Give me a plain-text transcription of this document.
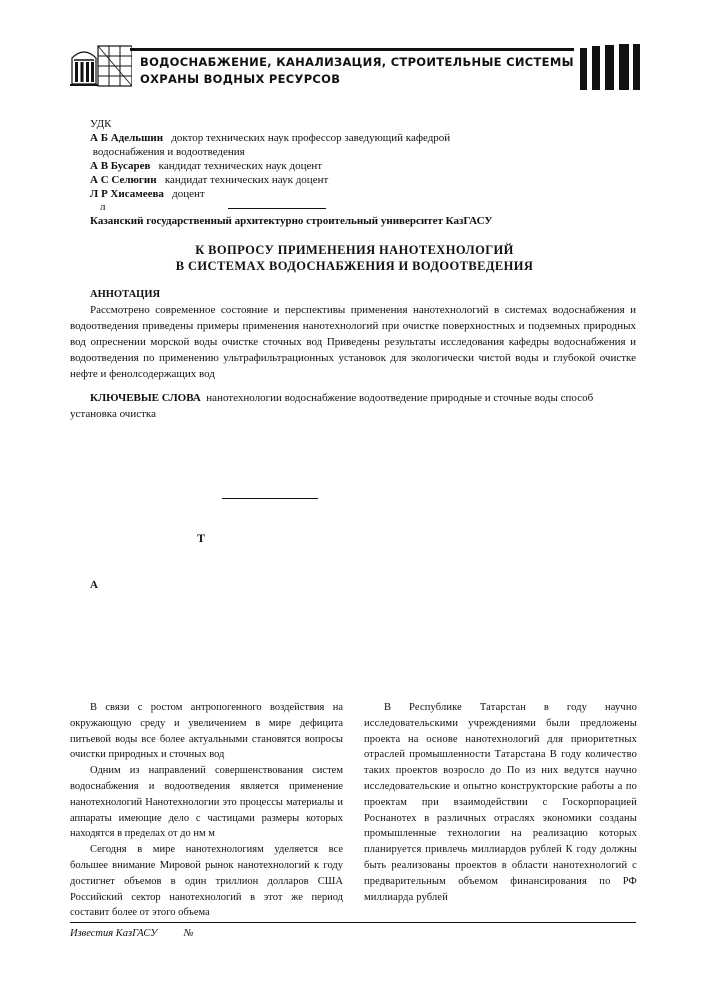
ВОДОСНАБЖЕНИЕ, КАНАЛИЗАЦИЯ, СТРОИТЕЛЬНЫЕ СИСТЕМЫ
ОХРАНЫ ВОДНЫХ РЕСУРСОВ
УДК
А Б Адельшин доктор технических наук профессор заведующий кафедрой
водоснабжения и водоотведения
А В Бусарев кандидат технических наук доцент
А С Селюгин кандидат технических наук доцент
Л Р Хисамеева доцент
л
Казанский государственный архитектурно строительный университет КазГАСУ
К ВОПРОСУ ПРИМЕНЕНИЯ НАНОТЕХНОЛОГИЙ
В СИСТЕМАХ ВОДОСНАБЖЕНИЯ И ВОДООТВЕДЕНИЯ
АННОТАЦИЯ
Рассмотрено современное состояние и перспективы применения нанотехнологий в системах водоснабжения и водоотведения приведены примеры применения нанотехнологий при очистке поверхностных и подземных природных вод опреснении морской воды очистке сточных вод Приведены результаты исследования кафедры водоснабжения и водоотведения по применению ультрафильтрационных установок для экологически чистой воды и глубокой очистке нефте и фенолсодержащих вод
КЛЮЧЕВЫЕ СЛОВА нанотехнологии водоснабжение водоотведение природные и сточные воды способ установка очистка
Т
А

В связи с ростом антропогенного воздействия на окружающую среду и увеличением в мире дефицита питьевой воды все более актуальными становятся вопросы очистки природных и сточных вод

Одним из направлений совершенствования систем водоснабжения и водоотведения является применение нанотехнологий Нанотехнологии это процессы материалы и аппараты имеющие дело с частицами размеры которых находятся в пределах от до нм м

Сегодня в мире нанотехнологиям уделяется все большее внимание Мировой рынок нанотехнологий к году достигнет объемов в один триллион долларов США Российский сектор нанотехнологий в этот же период составит более от этого объема

В Республике Татарстан в году научно исследовательскими учреждениями были предложены проекта на основе нанотехнологий для приоритетных отраслей промышленности Татарстана В году количество таких проектов возросло до По из них ведутся научно исследовательские и опытно конструкторские работы а по проектам при взаимодействии с Госкорпорацией Роснанотех в различных отраслях экономики созданы промышленные технологии на реализацию которых планируется привлечь миллиардов рублей К году должны быть реализованы проектов в области нанотехнологий с предварительным объемом финансирования по РФ миллиарда рублей

Известия КазГАСУ          №
